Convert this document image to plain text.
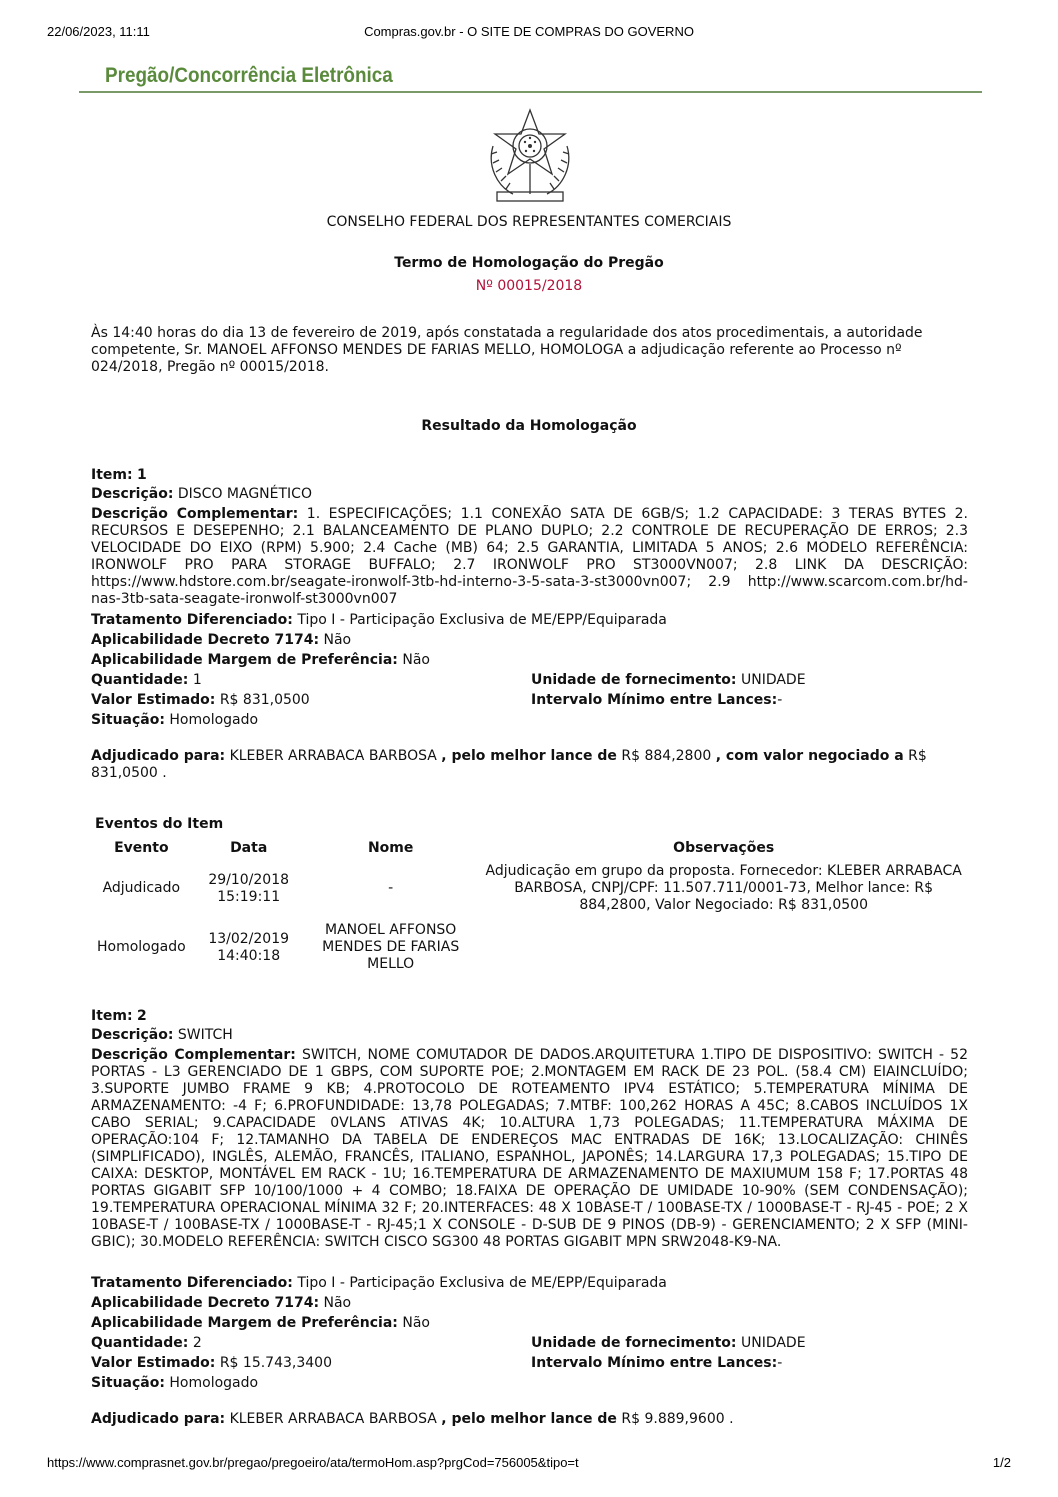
22/06/2023, 11:11	Compras.gov.br - O SITE DE COMPRAS DO GOVERNO
Pregão/Concorrência Eletrônica
CONSELHO FEDERAL DOS REPRESENTANTES COMERCIAIS
Termo de Homologação do Pregão
Nº 00015/2018
Às 14:40 horas do dia 13 de fevereiro de 2019, após constatada a regularidade dos atos procedimentais, a autoridade competente, Sr. MANOEL AFFONSO MENDES DE FARIAS MELLO, HOMOLOGA a adjudicação referente ao Processo nº 024/2018, Pregão nº 00015/2018.
Resultado da Homologação
Item: 1
Descrição: DISCO MAGNÉTICO
Descrição Complementar: 1. ESPECIFICAÇÕES; 1.1 CONEXÃO SATA DE 6GB/S; 1.2 CAPACIDADE: 3 TERAS BYTES 2. RECURSOS E DESEPENHO; 2.1 BALANCEAMENTO DE PLANO DUPLO; 2.2 CONTROLE DE RECUPERAÇÃO DE ERROS; 2.3 VELOCIDADE DO EIXO (RPM) 5.900; 2.4 Cache (MB) 64; 2.5 GARANTIA, LIMITADA 5 ANOS; 2.6 MODELO REFERÊNCIA: IRONWOLF PRO PARA STORAGE BUFFALO; 2.7 IRONWOLF PRO ST3000VN007; 2.8 LINK DA DESCRIÇÃO: https://www.hdstore.com.br/seagate-ironwolf-3tb-hd-interno-3-5-sata-3-st3000vn007; 2.9 http://www.scarcom.com.br/hd-nas-3tb-sata-seagate-ironwolf-st3000vn007
Tratamento Diferenciado: Tipo I - Participação Exclusiva de ME/EPP/Equiparada
Aplicabilidade Decreto 7174: Não
Aplicabilidade Margem de Preferência: Não
Quantidade: 1	Unidade de fornecimento: UNIDADE
Valor Estimado: R$ 831,0500	Intervalo Mínimo entre Lances:-
Situação: Homologado
Adjudicado para: KLEBER ARRABACA BARBOSA , pelo melhor lance de R$ 884,2800 , com valor negociado a R$ 831,0500 .
Eventos do Item
Evento	Data	Nome	Observações
Adjudicado	29/10/2018 15:19:11	-	Adjudicação em grupo da proposta. Fornecedor: KLEBER ARRABACA BARBOSA, CNPJ/CPF: 11.507.711/0001-73, Melhor lance: R$ 884,2800, Valor Negociado: R$ 831,0500
Homologado	13/02/2019 14:40:18	MANOEL AFFONSO MENDES DE FARIAS MELLO	
Item: 2
Descrição: SWITCH
Descrição Complementar: SWITCH, NOME COMUTADOR DE DADOS.ARQUITETURA 1.TIPO DE DISPOSITIVO: SWITCH - 52 PORTAS - L3 GERENCIADO DE 1 GBPS, COM SUPORTE POE; 2.MONTAGEM EM RACK DE 23 POL. (58.4 CM) EIAINCLUÍDO; 3.SUPORTE JUMBO FRAME 9 KB; 4.PROTOCOLO DE ROTEAMENTO IPV4 ESTÁTICO; 5.TEMPERATURA MÍNIMA DE ARMAZENAMENTO: -4 F; 6.PROFUNDIDADE: 13,78 POLEGADAS; 7.MTBF: 100,262 HORAS A 45C; 8.CABOS INCLUÍDOS 1X CABO SERIAL; 9.CAPACIDADE 0VLANS ATIVAS 4K; 10.ALTURA 1,73 POLEGADAS; 11.TEMPERATURA MÁXIMA DE OPERAÇÃO:104 F; 12.TAMANHO DA TABELA DE ENDEREÇOS MAC ENTRADAS DE 16K; 13.LOCALIZAÇÃO: CHINÊS (SIMPLIFICADO), INGLÊS, ALEMÃO, FRANCÊS, ITALIANO, ESPANHOL, JAPONÊS; 14.LARGURA 17,3 POLEGADAS; 15.TIPO DE CAIXA: DESKTOP, MONTÁVEL EM RACK - 1U; 16.TEMPERATURA DE ARMAZENAMENTO DE MAXIUMUM 158 F; 17.PORTAS 48 PORTAS GIGABIT SFP 10/100/1000 + 4 COMBO; 18.FAIXA DE OPERAÇÃO DE UMIDADE 10-90% (SEM CONDENSAÇÃO); 19.TEMPERATURA OPERACIONAL MÍNIMA 32 F; 20.INTERFACES: 48 X 10BASE-T / 100BASE-TX / 1000BASE-T - RJ-45 - POE; 2 X 10BASE-T / 100BASE-TX / 1000BASE-T - RJ-45;1 X CONSOLE - D-SUB DE 9 PINOS (DB-9) - GERENCIAMENTO; 2 X SFP (MINI-GBIC); 30.MODELO REFERÊNCIA: SWITCH CISCO SG300 48 PORTAS GIGABIT MPN SRW2048-K9-NA.
Tratamento Diferenciado: Tipo I - Participação Exclusiva de ME/EPP/Equiparada
Aplicabilidade Decreto 7174: Não
Aplicabilidade Margem de Preferência: Não
Quantidade: 2	Unidade de fornecimento: UNIDADE
Valor Estimado: R$ 15.743,3400	Intervalo Mínimo entre Lances:-
Situação: Homologado
Adjudicado para: KLEBER ARRABACA BARBOSA , pelo melhor lance de R$ 9.889,9600 .
https://www.comprasnet.gov.br/pregao/pregoeiro/ata/termoHom.asp?prgCod=756005&tipo=t	1/2
